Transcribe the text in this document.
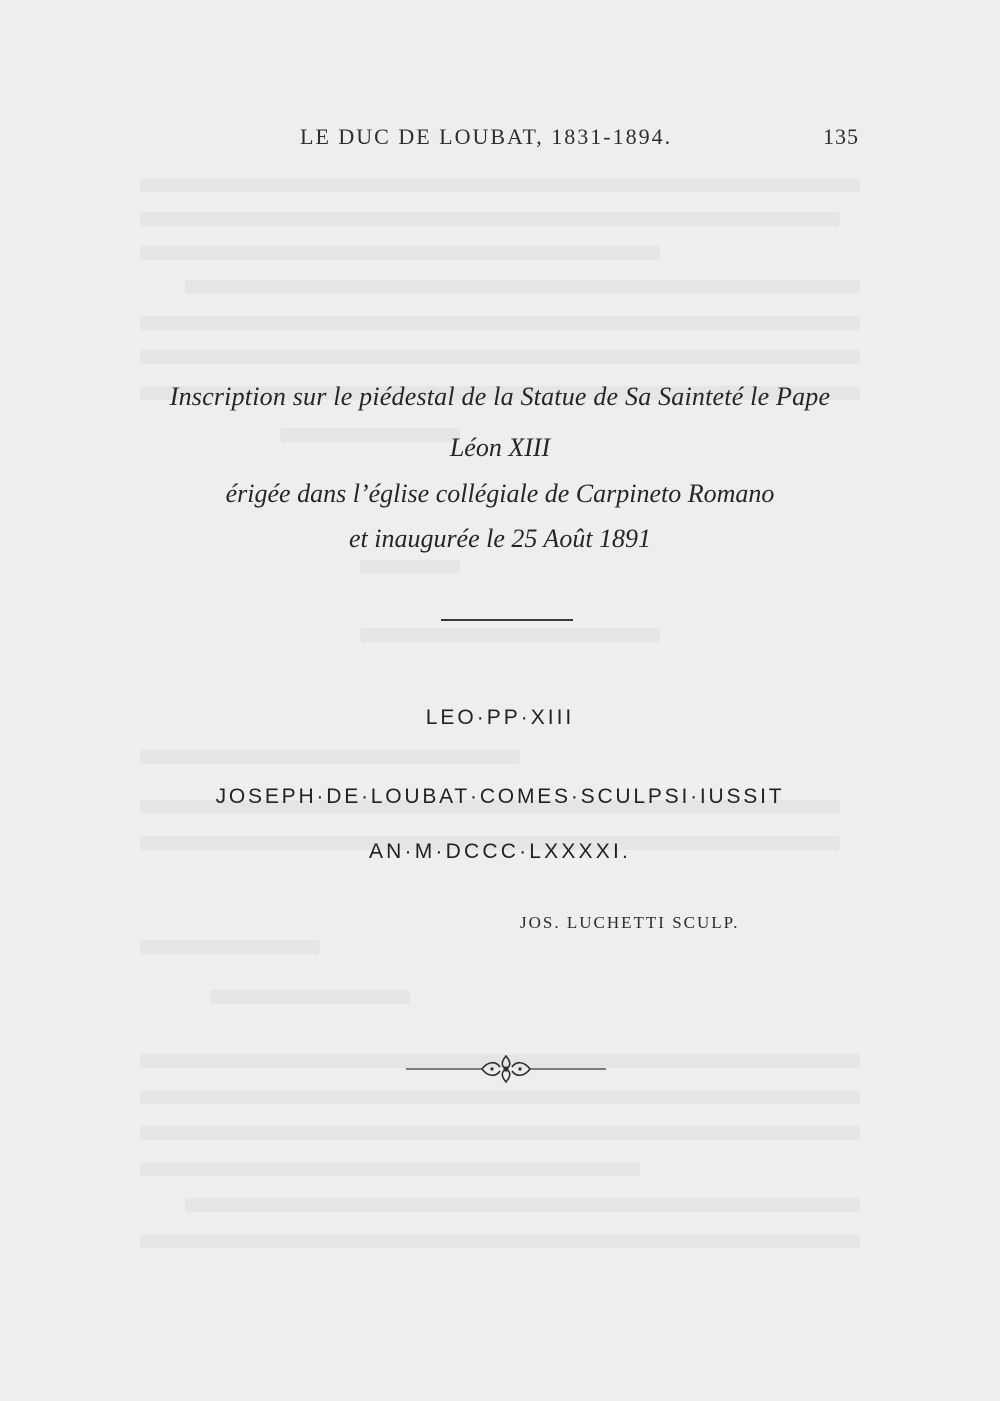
LE DUC DE LOUBAT, 1831-1894.	135
Inscription sur le piédestal de la Statue de Sa Sainteté le Pape
Léon XIII
érigée dans l’église collégiale de Carpineto Romano
et inaugurée le 25 Août 1891
LEO·PP·XIII
JOSEPH·DE·LOUBAT·COMES·SCULPSI·IUSSIT
AN·M·DCCC·LXXXXI.
JOS. LUCHETTI SCULP.
